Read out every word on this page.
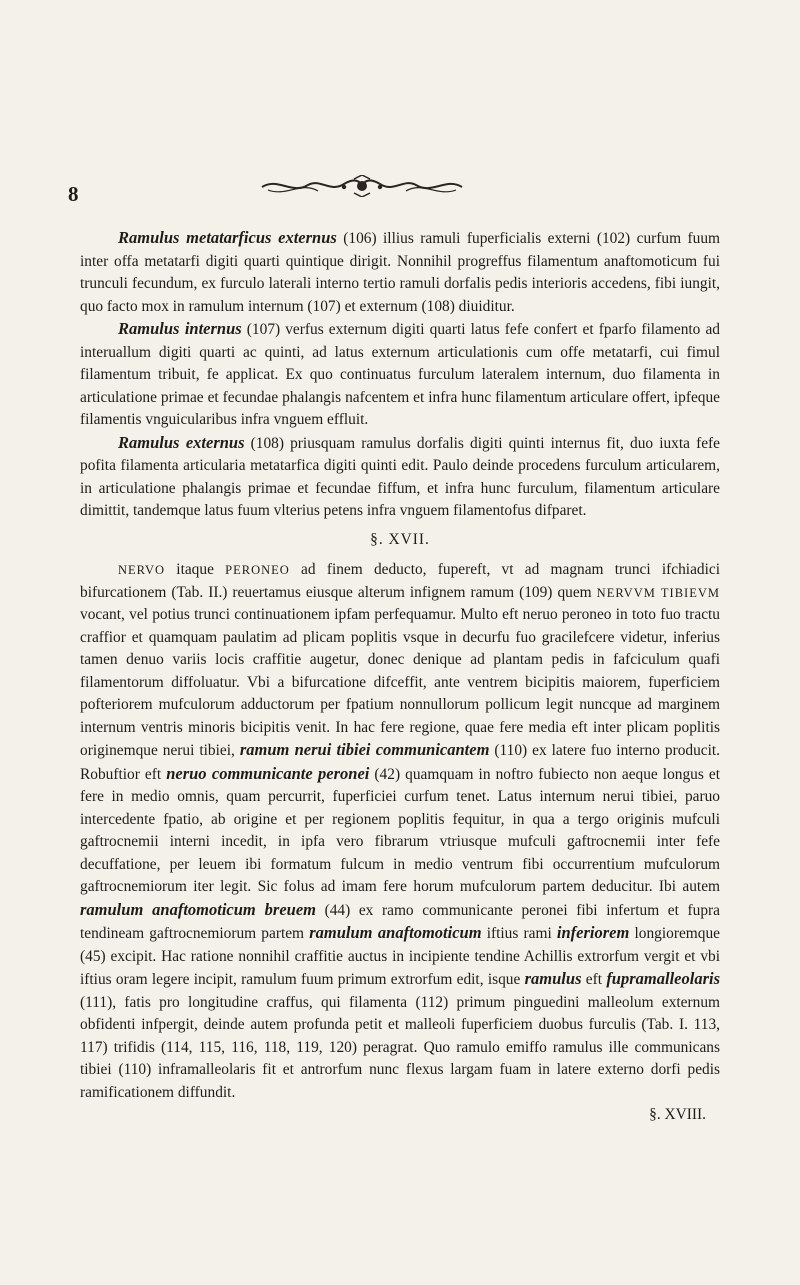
8

Ramulus metatarficus externus (106) illius ramuli fuperficialis externi (102) curfum fuum inter offa metatarfi digiti quarti quintique dirigit. Nonnihil progreffus filamentum anaftomoticum fui trunculi fecundum, ex furculo laterali interno tertio ramuli dorfalis pedis interioris accedens, fibi iungit, quo facto mox in ramulum internum (107) et externum (108) diuiditur.

Ramulus internus (107) verfus externum digiti quarti latus fefe confert et fparfo filamento ad interuallum digiti quarti ac quinti, ad latus externum articulationis cum offe metatarfi, cui fimul filamentum tribuit, fe applicat. Ex quo continuatus furculum lateralem internum, duo filamenta in articulatione primae et fecundae phalangis nafcentem et infra hunc filamentum articulare offert, ipfeque filamentis vnguicularibus infra vnguem effluit.

Ramulus externus (108) priusquam ramulus dorfalis digiti quinti internus fit, duo iuxta fefe pofita filamenta articularia metatarfica digiti quinti edit. Paulo deinde procedens furculum articularem, in articulatione phalangis primae et fecundae fiffum, et infra hunc furculum, filamentum articulare dimittit, tandemque latus fuum vlterius petens infra vnguem filamentofus difparet.

§. XVII.

NERVO itaque PERONEO ad finem deducto, fupereft, vt ad magnam trunci ifchiadici bifurcationem (Tab. II.) reuertamus eiusque alterum infignem ramum (109) quem NERVVM TIBIEVM vocant, vel potius trunci continuationem ipfam perfequamur. Multo eft neruo peroneo in toto fuo tractu craffior et quamquam paulatim ad plicam poplitis vsque in decurfu fuo gracilefcere videtur, inferius tamen denuo variis locis craffitie augetur, donec denique ad plantam pedis in fafciculum quafi filamentorum diffoluatur. Vbi a bifurcatione difceffit, ante ventrem bicipitis maiorem, fuperficiem pofteriorem mufculorum adductorum per fpatium nonnullorum pollicum legit nuncque ad marginem internum ventris minoris bicipitis venit. In hac fere regione, quae fere media eft inter plicam poplitis originemque nerui tibiei, ramum nerui tibiei communicantem (110) ex latere fuo interno producit. Robuftior eft neruo communicante peronei (42) quamquam in noftro fubiecto non aeque longus et fere in medio omnis, quam percurrit, fuperficiei curfum tenet. Latus internum nerui tibiei, paruo intercedente fpatio, ab origine et per regionem poplitis fequitur, in qua a tergo originis mufculi gaftrocnemii interni incedit, in ipfa vero fibrarum vtriusque mufculi gaftrocnemii inter fefe decuffatione, per leuem ibi formatum fulcum in medio ventrum fibi occurrentium mufculorum gaftrocnemiorum iter legit. Sic folus ad imam fere horum mufculorum partem deducitur. Ibi autem ramulum anaftomoticum breuem (44) ex ramo communicante peronei fibi infertum et fupra tendineam gaftrocnemiorum partem ramulum anaftomoticum iftius rami inferiorem longioremque (45) excipit. Hac ratione nonnihil craffitie auctus in incipiente tendine Achillis extrorfum vergit et vbi iftius oram legere incipit, ramulum fuum primum extrorfum edit, isque ramulus eft fupramalleolaris (111), fatis pro longitudine craffus, qui filamenta (112) primum pinguedini malleolum externum obfidenti infpergit, deinde autem profunda petit et malleoli fuperficiem duobus furculis (Tab. I. 113, 117) trifidis (114, 115, 116, 118, 119, 120) peragrat. Quo ramulo emiffo ramulus ille communicans tibiei (110) inframalleolaris fit et antrorfum nunc flexus largam fuam in latere externo dorfi pedis ramificationem diffundit.

§. XVIII.
